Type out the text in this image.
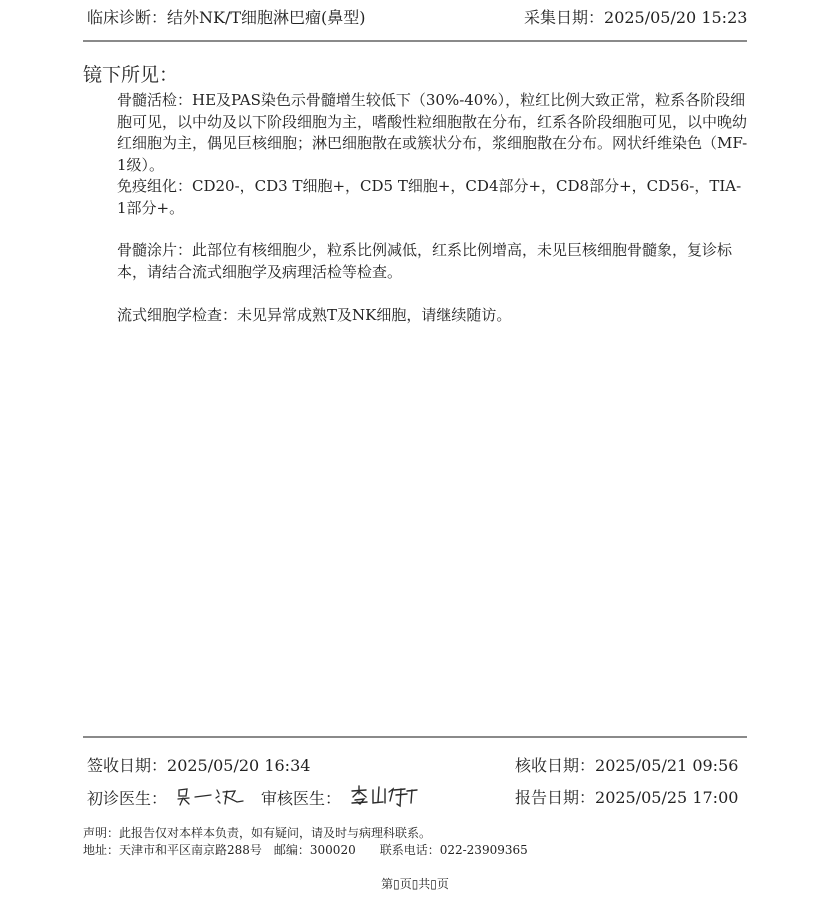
临床诊断：结外NK/T细胞淋巴瘤(鼻型)	采集日期：2025/05/20 15:23
镜下所见：

骨髓活检：HE及PAS染色示骨髓增生较低下（30%-40%），粒红比例大致正常，粒系各阶段细胞可见，以中幼及以下阶段细胞为主，嗜酸性粒细胞散在分布，红系各阶段细胞可见，以中晚幼红细胞为主，偶见巨核细胞；淋巴细胞散在或簇状分布，浆细胞散在分布。网状纤维染色（MF-1级）。

免疫组化：CD20-，CD3 T细胞+，CD5 T细胞+，CD4部分+，CD8部分+，CD56-，TIA-1部分+。

骨髓涂片：此部位有核细胞少，粒系比例减低，红系比例增高，未见巨核细胞骨髓象，复诊标本，请结合流式细胞学及病理活检等检查。

流式细胞学检查：未见异常成熟T及NK细胞，请继续随访。

签收日期：2025/05/20 16:34	核收日期：2025/05/21 09:56
初诊医生：	审核医生：	报告日期：2025/05/25 17:00
声明：此报告仅对本样本负责，如有疑问，请及时与病理科联系。
地址：天津市和平区南京路288号　邮编：300020　　联系电话：022-23909365
第▯页▯共▯页
